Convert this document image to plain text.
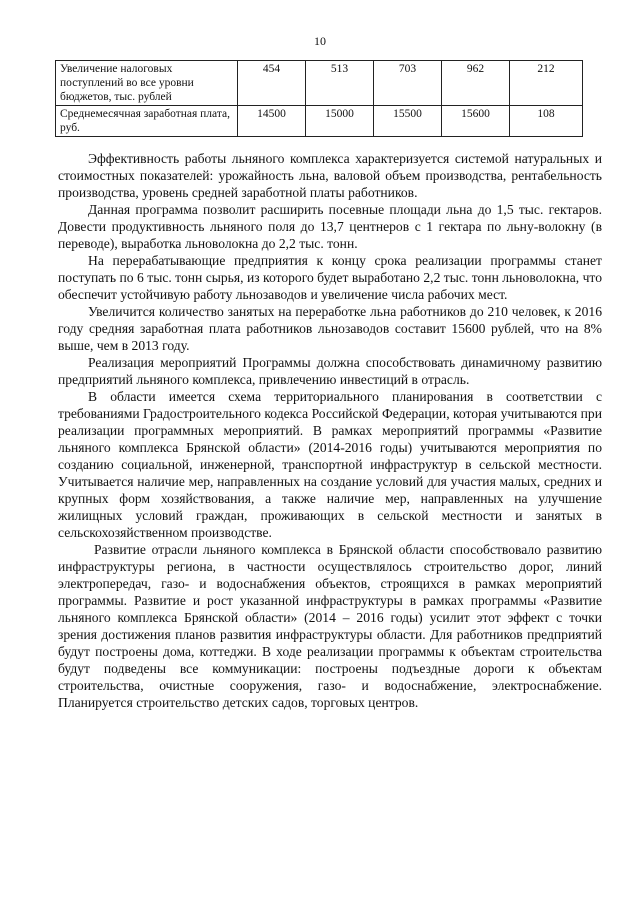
10
Увеличение налоговых поступлений во все уровни бюджетов, тыс. рублей	454	513	703	962	212
Среднемесячная заработная плата, руб.	14500	15000	15500	15600	108

Эффективность работы льняного комплекса характеризуется системой натуральных и стоимостных показателей: урожайность льна, валовой объем производства, рентабельность производства, уровень средней заработной платы работников.

Данная программа позволит расширить посевные площади льна до 1,5 тыс. гектаров. Довести продуктивность льняного поля до 13,7 центнеров с 1 гектара по льну-волокну (в переводе), выработка льноволокна до 2,2 тыс. тонн.

На перерабатывающие предприятия к концу срока реализации программы станет поступать по 6 тыс. тонн сырья, из которого будет выработано 2,2 тыс. тонн льноволокна, что обеспечит устойчивую работу льнозаводов и увеличение числа рабочих мест.

Увеличится количество занятых на переработке льна работников до 210 человек, к 2016 году средняя заработная плата работников льнозаводов составит 15600 рублей, что на 8% выше, чем в 2013 году.

Реализация мероприятий Программы должна способствовать динамичному развитию предприятий льняного комплекса, привлечению инвестиций в отрасль.

В области имеется схема территориального планирования в соответствии с требованиями Градостроительного кодекса Российской Федерации, которая учитываются при реализации программных мероприятий. В рамках мероприятий программы «Развитие льняного комплекса Брянской области» (2014-2016 годы) учитываются мероприятия по созданию социальной, инженерной, транспортной инфраструктур в сельской местности. Учитывается наличие мер, направленных на создание условий для участия малых, средних и крупных форм хозяйствования, а также наличие мер, направленных на улучшение жилищных условий граждан, проживающих в сельской местности и занятых в сельскохозяйственном производстве.

Развитие отрасли льняного комплекса в Брянской области способствовало развитию инфраструктуры региона, в частности осуществлялось строительство дорог, линий электропередач, газо- и водоснабжения объектов, строящихся в рамках мероприятий программы. Развитие и рост указанной инфраструктуры в рамках программы «Развитие льняного комплекса Брянской области» (2014 – 2016 годы) усилит этот эффект с точки зрения достижения планов развития инфраструктуры области. Для работников предприятий будут построены дома, коттеджи. В ходе реализации программы к объектам строительства будут подведены все коммуникации: построены подъездные дороги к объектам строительства, очистные сооружения, газо- и водоснабжение, электроснабжение. Планируется строительство детских садов, торговых центров.
